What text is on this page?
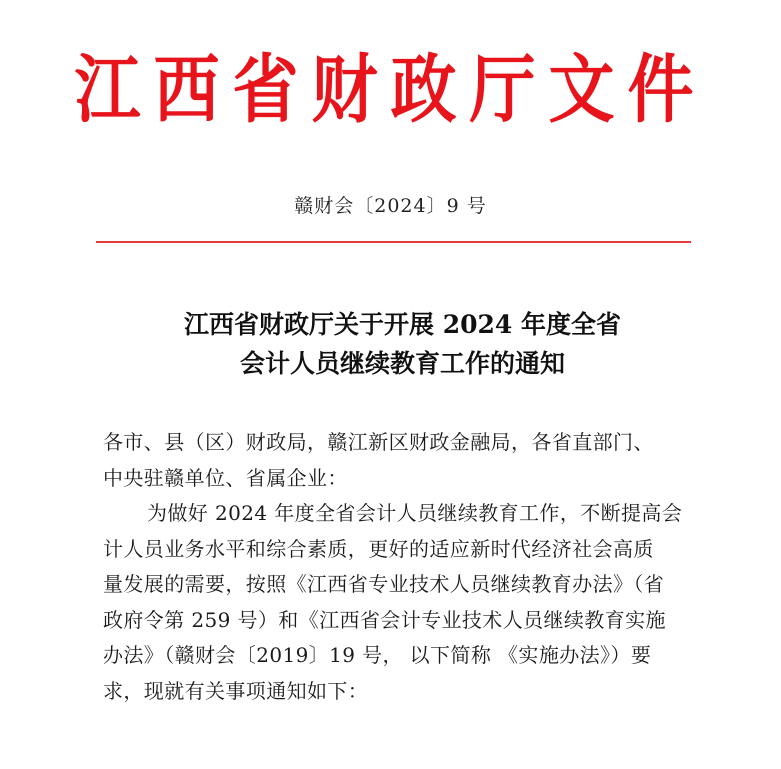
江西省财政厅文件
赣财会〔2024〕9 号
江西省财政厅关于开展 2024 年度全省
会计人员继续教育工作的通知
各市、县（区）财政局，赣江新区财政金融局，各省直部门、
中央驻赣单位、省属企业：
为做好 2024 年度全省会计人员继续教育工作，不断提高会
计人员业务水平和综合素质，更好的适应新时代经济社会高质
量发展的需要，按照《江西省专业技术人员继续教育办法》（省
政府令第 259 号）和《江西省会计专业技术人员继续教育实施
办法》（赣财会〔2019〕19 号， 以下简称 《实施办法》）要
求，现就有关事项通知如下：
